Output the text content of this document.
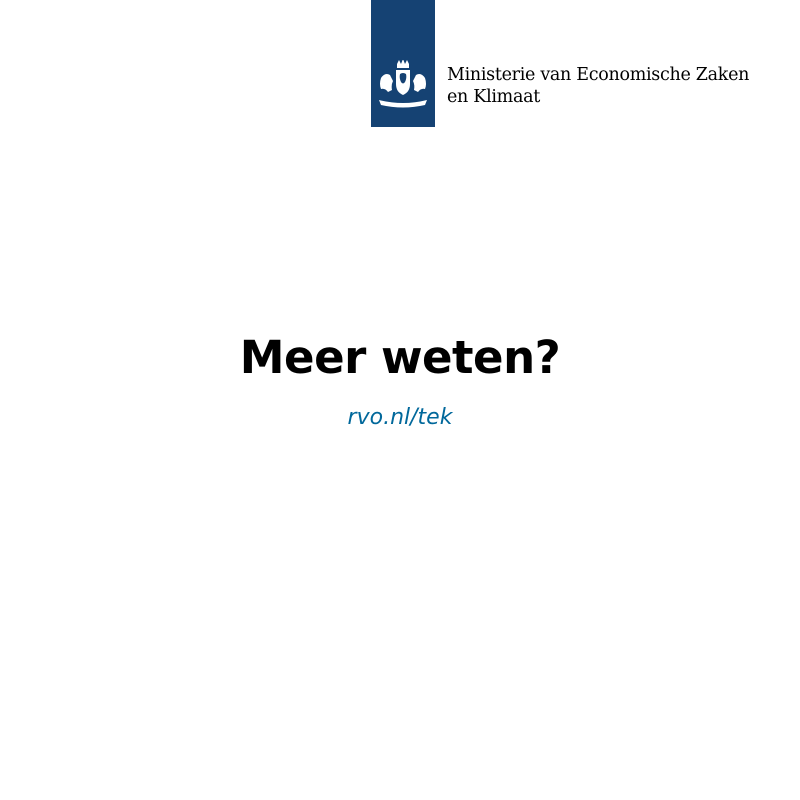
Ministerie van Economische Zaken
en Klimaat
Meer weten?
rvo.nl/tek
